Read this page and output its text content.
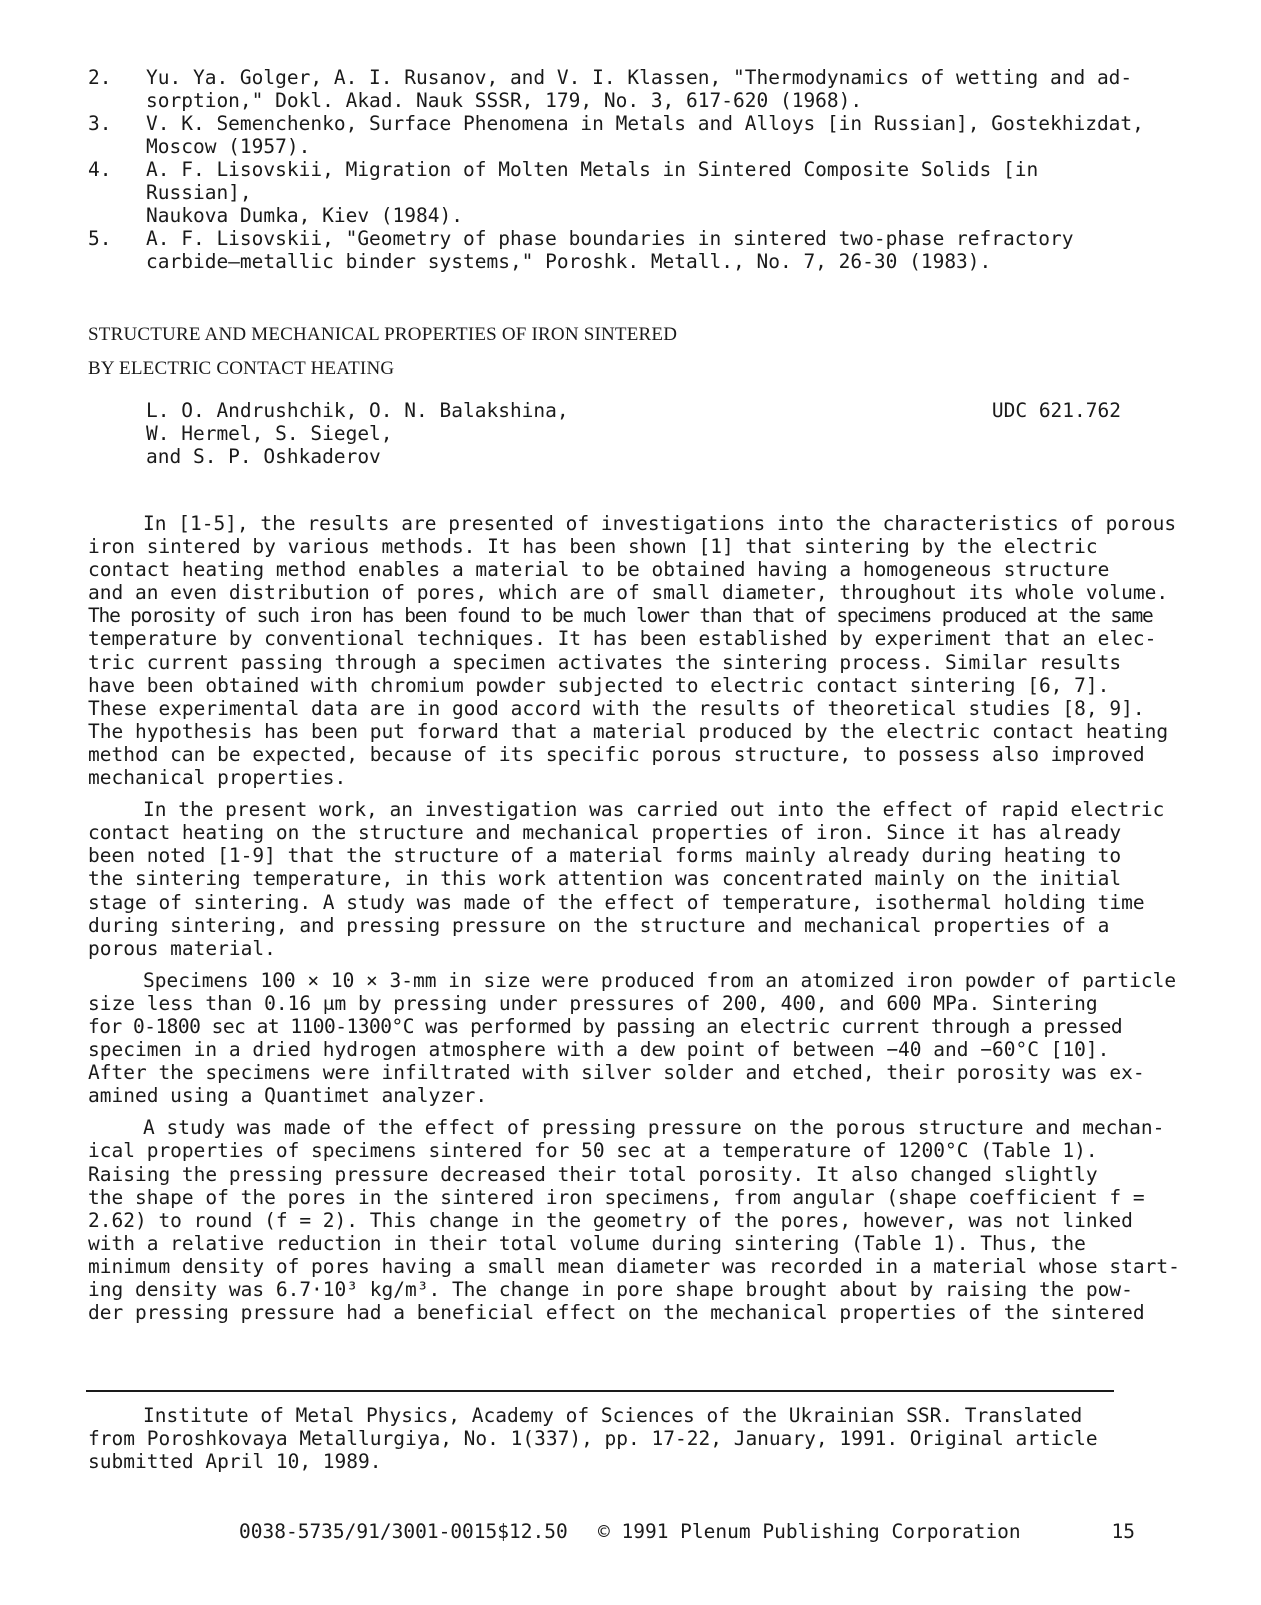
2. Yu. Ya. Golger, A. I. Rusanov, and V. I. Klassen, "Thermodynamics of wetting and ad-
sorption," Dokl. Akad. Nauk SSSR, 179, No. 3, 617-620 (1968).
3. V. K. Semenchenko, Surface Phenomena in Metals and Alloys [in Russian], Gostekhizdat,
Moscow (1957).
4. A. F. Lisovskii, Migration of Molten Metals in Sintered Composite Solids [in Russian],
Naukova Dumka, Kiev (1984).
5. A. F. Lisovskii, "Geometry of phase boundaries in sintered two-phase refractory
carbide—metallic binder systems," Poroshk. Metall., No. 7, 26-30 (1983).
STRUCTURE AND MECHANICAL PROPERTIES OF IRON SINTERED
BY ELECTRIC CONTACT HEATING
L. O. Andrushchik, O. N. Balakshina,
W. Hermel, S. Siegel,
and S. P. Oshkaderov
UDC 621.762

In [1-5], the results are presented of investigations into the characteristics of porous
iron sintered by various methods. It has been shown [1] that sintering by the electric
contact heating method enables a material to be obtained having a homogeneous structure
and an even distribution of pores, which are of small diameter, throughout its whole volume.
The porosity of such iron has been found to be much lower than that of specimens produced at the same
temperature by conventional techniques. It has been established by experiment that an elec-
tric current passing through a specimen activates the sintering process. Similar results
have been obtained with chromium powder subjected to electric contact sintering [6, 7].
These experimental data are in good accord with the results of theoretical studies [8, 9].
The hypothesis has been put forward that a material produced by the electric contact heating
method can be expected, because of its specific porous structure, to possess also improved
mechanical properties.

In the present work, an investigation was carried out into the effect of rapid electric
contact heating on the structure and mechanical properties of iron. Since it has already
been noted [1-9] that the structure of a material forms mainly already during heating to
the sintering temperature, in this work attention was concentrated mainly on the initial
stage of sintering. A study was made of the effect of temperature, isothermal holding time
during sintering, and pressing pressure on the structure and mechanical properties of a
porous material.

Specimens 100 × 10 × 3-mm in size were produced from an atomized iron powder of particle
size less than 0.16 μm by pressing under pressures of 200, 400, and 600 MPa. Sintering
for 0-1800 sec at 1100-1300°C was performed by passing an electric current through a pressed
specimen in a dried hydrogen atmosphere with a dew point of between −40 and −60°C [10].
After the specimens were infiltrated with silver solder and etched, their porosity was ex-
amined using a Quantimet analyzer.

A study was made of the effect of pressing pressure on the porous structure and mechan-
ical properties of specimens sintered for 50 sec at a temperature of 1200°C (Table 1).
Raising the pressing pressure decreased their total porosity. It also changed slightly
the shape of the pores in the sintered iron specimens, from angular (shape coefficient f =
2.62) to round (f = 2). This change in the geometry of the pores, however, was not linked
with a relative reduction in their total volume during sintering (Table 1). Thus, the
minimum density of pores having a small mean diameter was recorded in a material whose start-
ing density was 6.7·10³ kg/m³. The change in pore shape brought about by raising the pow-
der pressing pressure had a beneficial effect on the mechanical properties of the sintered

Institute of Metal Physics, Academy of Sciences of the Ukrainian SSR. Translated
from Poroshkovaya Metallurgiya, No. 1(337), pp. 17-22, January, 1991. Original article
submitted April 10, 1989.
0038-5735/91/3001-0015$12.50 © 1991 Plenum Publishing Corporation	15
